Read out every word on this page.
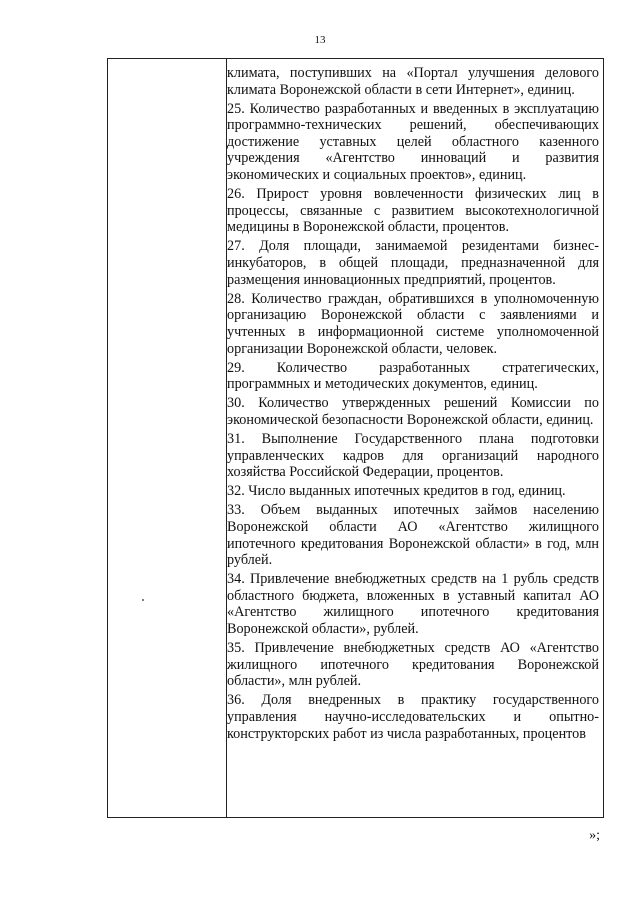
13
климата, поступивших на «Портал улучшения делового климата Воронежской области в сети Интернет», единиц.
25. Количество разработанных и введенных в эксплуатацию программно-технических решений, обеспечивающих достижение уставных целей областного казенного учреждения «Агентство инноваций и развития экономических и социальных проектов», единиц.
26. Прирост уровня вовлеченности физических лиц в процессы, связанные с развитием высокотехнологичной медицины в Воронежской области, процентов.
27. Доля площади, занимаемой резидентами бизнес-инкубаторов, в общей площади, предназначенной для размещения инновационных предприятий, процентов.
28. Количество граждан, обратившихся в уполномоченную организацию Воронежской области с заявлениями и учтенных в информационной системе уполномоченной организации Воронежской области, человек.
29. Количество разработанных стратегических, программных и методических документов, единиц.
30. Количество утвержденных решений Комиссии по экономической безопасности Воронежской области, единиц.
31. Выполнение Государственного плана подготовки управленческих кадров для организаций народного хозяйства Российской Федерации, процентов.
32. Число выданных ипотечных кредитов в год, единиц.
33. Объем выданных ипотечных займов населению Воронежской области АО «Агентство жилищного ипотечного кредитования Воронежской области» в год, млн рублей.
34. Привлечение внебюджетных средств на 1 рубль средств областного бюджета, вложенных в уставный капитал АО «Агентство жилищного ипотечного кредитования Воронежской области», рублей.
35. Привлечение внебюджетных средств АО «Агентство жилищного ипотечного кредитования Воронежской области», млн рублей.
36. Доля внедренных в практику государственного управления научно-исследовательских и опытно-конструкторских работ из числа разработанных, процентов
»;
